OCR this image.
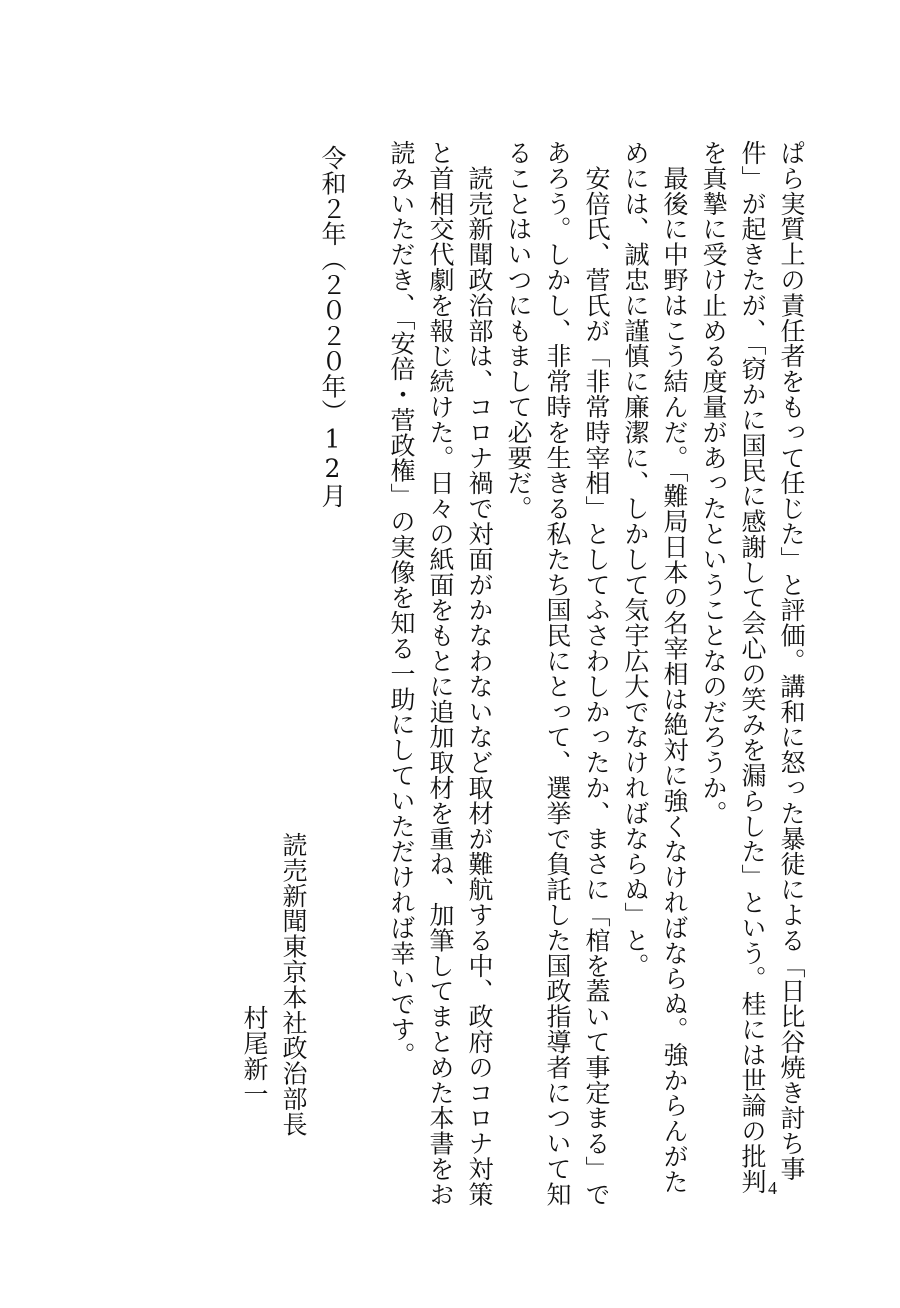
ぱら実質上の責任者をもって任じた」と評価。講和に怒った暴徒による「日比谷焼き討ち事
件」が起きたが、「窃かに国民に感謝して会心の笑みを漏らした」という。桂には世論の批判
を真摯に受け止める度量があったということなのだろうか。
　最後に中野はこう結んだ。「難局日本の名宰相は絶対に強くなければならぬ。強からんがた
めには、誠忠に謹慎に廉潔に、しかして気宇広大でなければならぬ」と。
　安倍氏、菅氏が「非常時宰相」としてふさわしかったか、まさに「棺を蓋いて事定まる」で
あろう。しかし、非常時を生きる私たち国民にとって、選挙で負託した国政指導者について知
ることはいつにもまして必要だ。
　読売新聞政治部は、コロナ禍で対面がかなわないなど取材が難航する中、政府のコロナ対策
と首相交代劇を報じ続けた。日々の紙面をもとに追加取材を重ね、加筆してまとめた本書をお
読みいただき、「安倍・菅政権」の実像を知る一助にしていただければ幸いです。
令和２年（２０２０年）12月
読売新聞東京本社政治部長
村尾新一
4
